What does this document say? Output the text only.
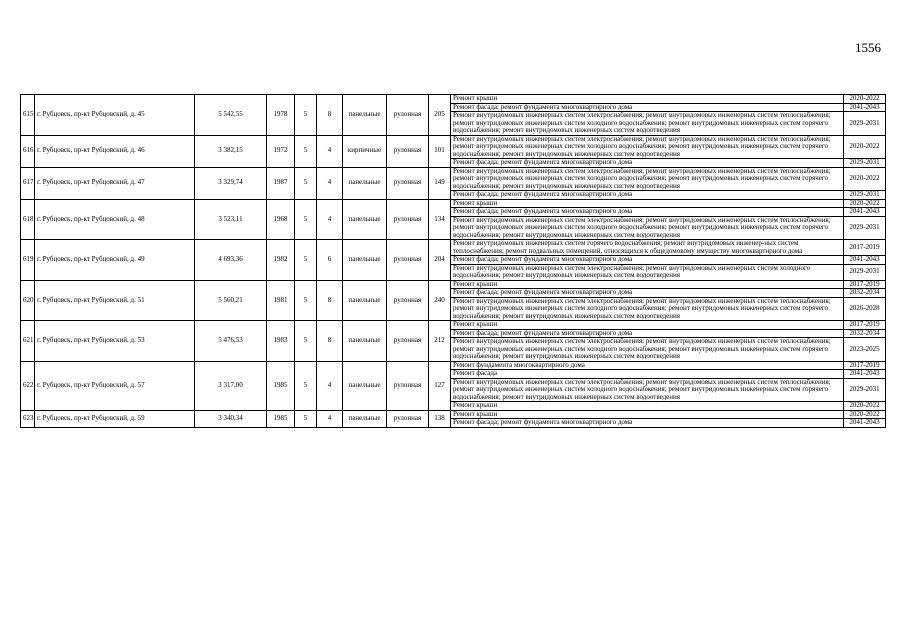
1556
615	г. Рубцовск, пр-кт Рубцовский, д. 45	5 542,55	1978	5	8	панельные	рулонная	205	Ремонт крыши	2020-2022
									Ремонт фасада; ремонт фундамента многоквартирного дома	2041-2043
									Ремонт внутридомовых инженерных систем электроснабжения; ремонт внутридомовых инженерных систем теплоснабжения; ремонт внутридомовых инженерных систем холодного водоснабжения; ремонт внутридомовых инженерных систем горячего водоснабжения; ремонт внутридомовых инженерных систем водоотведения	2029-2031
616	г. Рубцовск, пр-кт Рубцовский, д. 46	3 382,15	1972	5	4	кирпичные	рулонная	101	Ремонт внутридомовых инженерных систем электроснабжения; ремонт внутридомовых инженерных систем теплоснабжения; ремонт внутридомовых инженерных систем холодного водоснабжения; ремонт внутридомовых инженерных систем горячего водоснабжения; ремонт внутридомовых инженерных систем водоотведения	2020-2022
									Ремонт фасада; ремонт фундамента многоквартирного дома	2029-2031
617	г. Рубцовск, пр-кт Рубцовский, д. 47	3 329,74	1987	5	4	панельные	рулонная	149	Ремонт внутридомовых инженерных систем электроснабжения; ремонт внутридомовых инженерных систем теплоснабжения; ремонт внутридомовых инженерных систем холодного водоснабжения; ремонт внутридомовых инженерных систем горячего водоснабжения; ремонт внутридомовых инженерных систем водоотведения	2020-2022
									Ремонт фасада; ремонт фундамента многоквартирного дома	2029-2031
618	г. Рубцовск, пр-кт Рубцовский, д. 48	3 523,11	1968	5	4	панельные	рулонная	134	Ремонт крыши	2020-2022
									Ремонт фасада; ремонт фундамента многоквартирного дома	2041-2043
									Ремонт внутридомовых инженерных систем электроснабжения; ремонт внутридомовых инженерных систем теплоснабжения; ремонт внутридомовых инженерных систем холодного водоснабжения; ремонт внутридомовых инженерных систем горячего водоснабжения; ремонт внутридомовых инженерных систем водоотведения	2029-2031
619	г. Рубцовск, пр-кт Рубцовский, д. 49	4 693,36	1982	5	6	панельные	рулонная	204	Ремонт внутридомовых инженерных систем горячего водоснабжения; ремонт внутридомовых инженер-ных систем теплоснабжения; ремонт подвальных помещений, относящихся к общедомовому имуществу многоквартирного дома	2017-2019
									Ремонт фасада; ремонт фундамента многоквартирного дома	2041-2043
									Ремонт внутридомовых инженерных систем электроснабжения; ремонт внутридомовых инженерных систем холодного водоснабжения; ремонт внутридомовых инженерных систем водоотведения	2029-2031
620	г. Рубцовск, пр-кт Рубцовский, д. 51	5 560,21	1981	5	8	панельные	рулонная	240	Ремонт крыши	2017-2019
									Ремонт фасада; ремонт фундамента многоквартирного дома	2032-2034
									Ремонт внутридомовых инженерных систем электроснабжения; ремонт внутридомовых инженерных систем теплоснабжения; ремонт внутридомовых инженерных систем холодного водоснабжения; ремонт внутридомовых инженерных систем горячего водоснабжения; ремонт внутридомовых инженерных систем водоотведения	2026-2028
621	г. Рубцовск, пр-кт Рубцовский, д. 53	5 476,53	1983	5	8	панельные	рулонная	212	Ремонт крыши	2017-2019
									Ремонт фасада; ремонт фундамента многоквартирного дома	2032-2034
									Ремонт внутридомовых инженерных систем электроснабжения; ремонт внутридомовых инженерных систем теплоснабжения; ремонт внутридомовых инженерных систем холодного водоснабжения; ремонт внутридомовых инженерных систем горячего водоснабжения; ремонт внутридомовых инженерных систем водоотведения	2023-2025
622	г. Рубцовск, пр-кт Рубцовский, д. 57	3 317,00	1985	5	4	панельные	рулонная	127	Ремонт фундамента многоквартирного дома	2017-2019
									Ремонт фасада	2041-2043
									Ремонт внутридомовых инженерных систем электроснабжения; ремонт внутридомовых инженерных систем теплоснабжения; ремонт внутридомовых инженерных систем холодного водоснабжения; ремонт внутридомовых инженерных систем горячего водоснабжения; ремонт внутридомовых инженерных систем водоотведения	2029-2031
									Ремонт крыши	2020-2022
623	г. Рубцовск, пр-кт Рубцовский, д. 59	3 340,34	1985	5	4	панельные	рулонная	138	Ремонт крыши	2020-2022
									Ремонт фасада; ремонт фундамента многоквартирного дома	2041-2043
